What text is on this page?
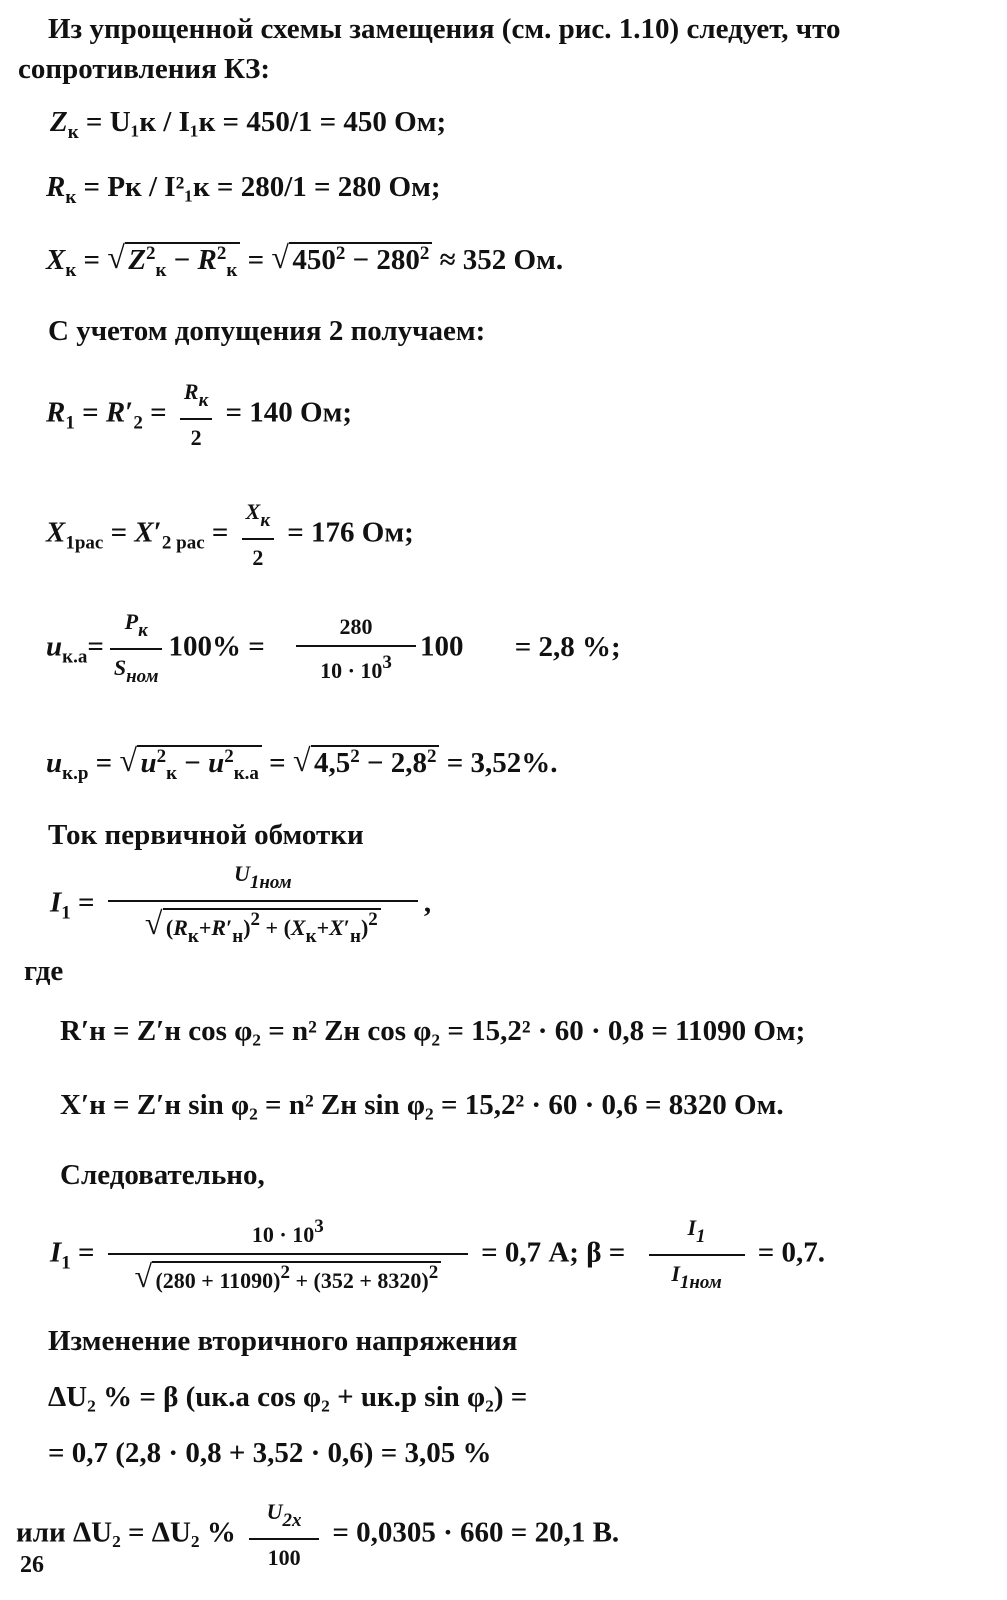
Из упрощенной схемы замещения (см. рис. 1.10) следует, что
сопротивления КЗ:
$Z_к = U_1к / I_1к = 450/1 = 450$ Ом;
$R_к$ = Pк / I²₁к = 280/1 = 280 Ом;
$X_к$ = √ $Z^2_к - R^2_к$ = √ $450^2 - 280^2 \approx 352$ Ом.
С учетом допущения 2 получаем:
$R_1 = R'_2 = \frac{Rк}{2} = 140$ Ом;
$X_{1рас} = X'_{2 рас} = \frac{Xк}{2} = 176$ Ом;
$u_{к.а}= \frac{Pк}{\text{Sном}} 100\% = \frac{280}{10 \cdot 103} 100 = 2,8$ %;
$u_{к.р}$ = √ $u^2_к - u^2_{к.а}$ = √ $4,5^2 - 2,8^2 = 3,52\%$.
Ток первичной обмотки
$I_1 = U1ном$
√ (Rк+R′н)2 + (Xк+X′н)2 ,
где
R′н = Z′н cos φ₂ = n² Zн cos φ₂ = 15,2² · 60 · 0,8 = 11090 Ом;
X′н = Z′н sin φ₂ = n² Zн sin φ₂ = 15,2² · 60 · 0,6 = 8320 Ом.
Следовательно,
$I_1 = 10 \cdot 103$
√ (280 + 11090)2 + (352 + 8320)2 = 0,7 А; $\beta = \frac{I1}{\text{I1ном}} = 0,7$.
Изменение вторичного напряжения
ΔU₂ % = β (uк.а cos φ₂ + uк.р sin φ₂) =
= 0,7 (2,8 · 0,8 + 3,52 · 0,6) = 3,05 %
или ΔU₂ = ΔU₂ % $\frac{U2x}{100} = 0,0305 \cdot 660 = 20,1$ В.
26
